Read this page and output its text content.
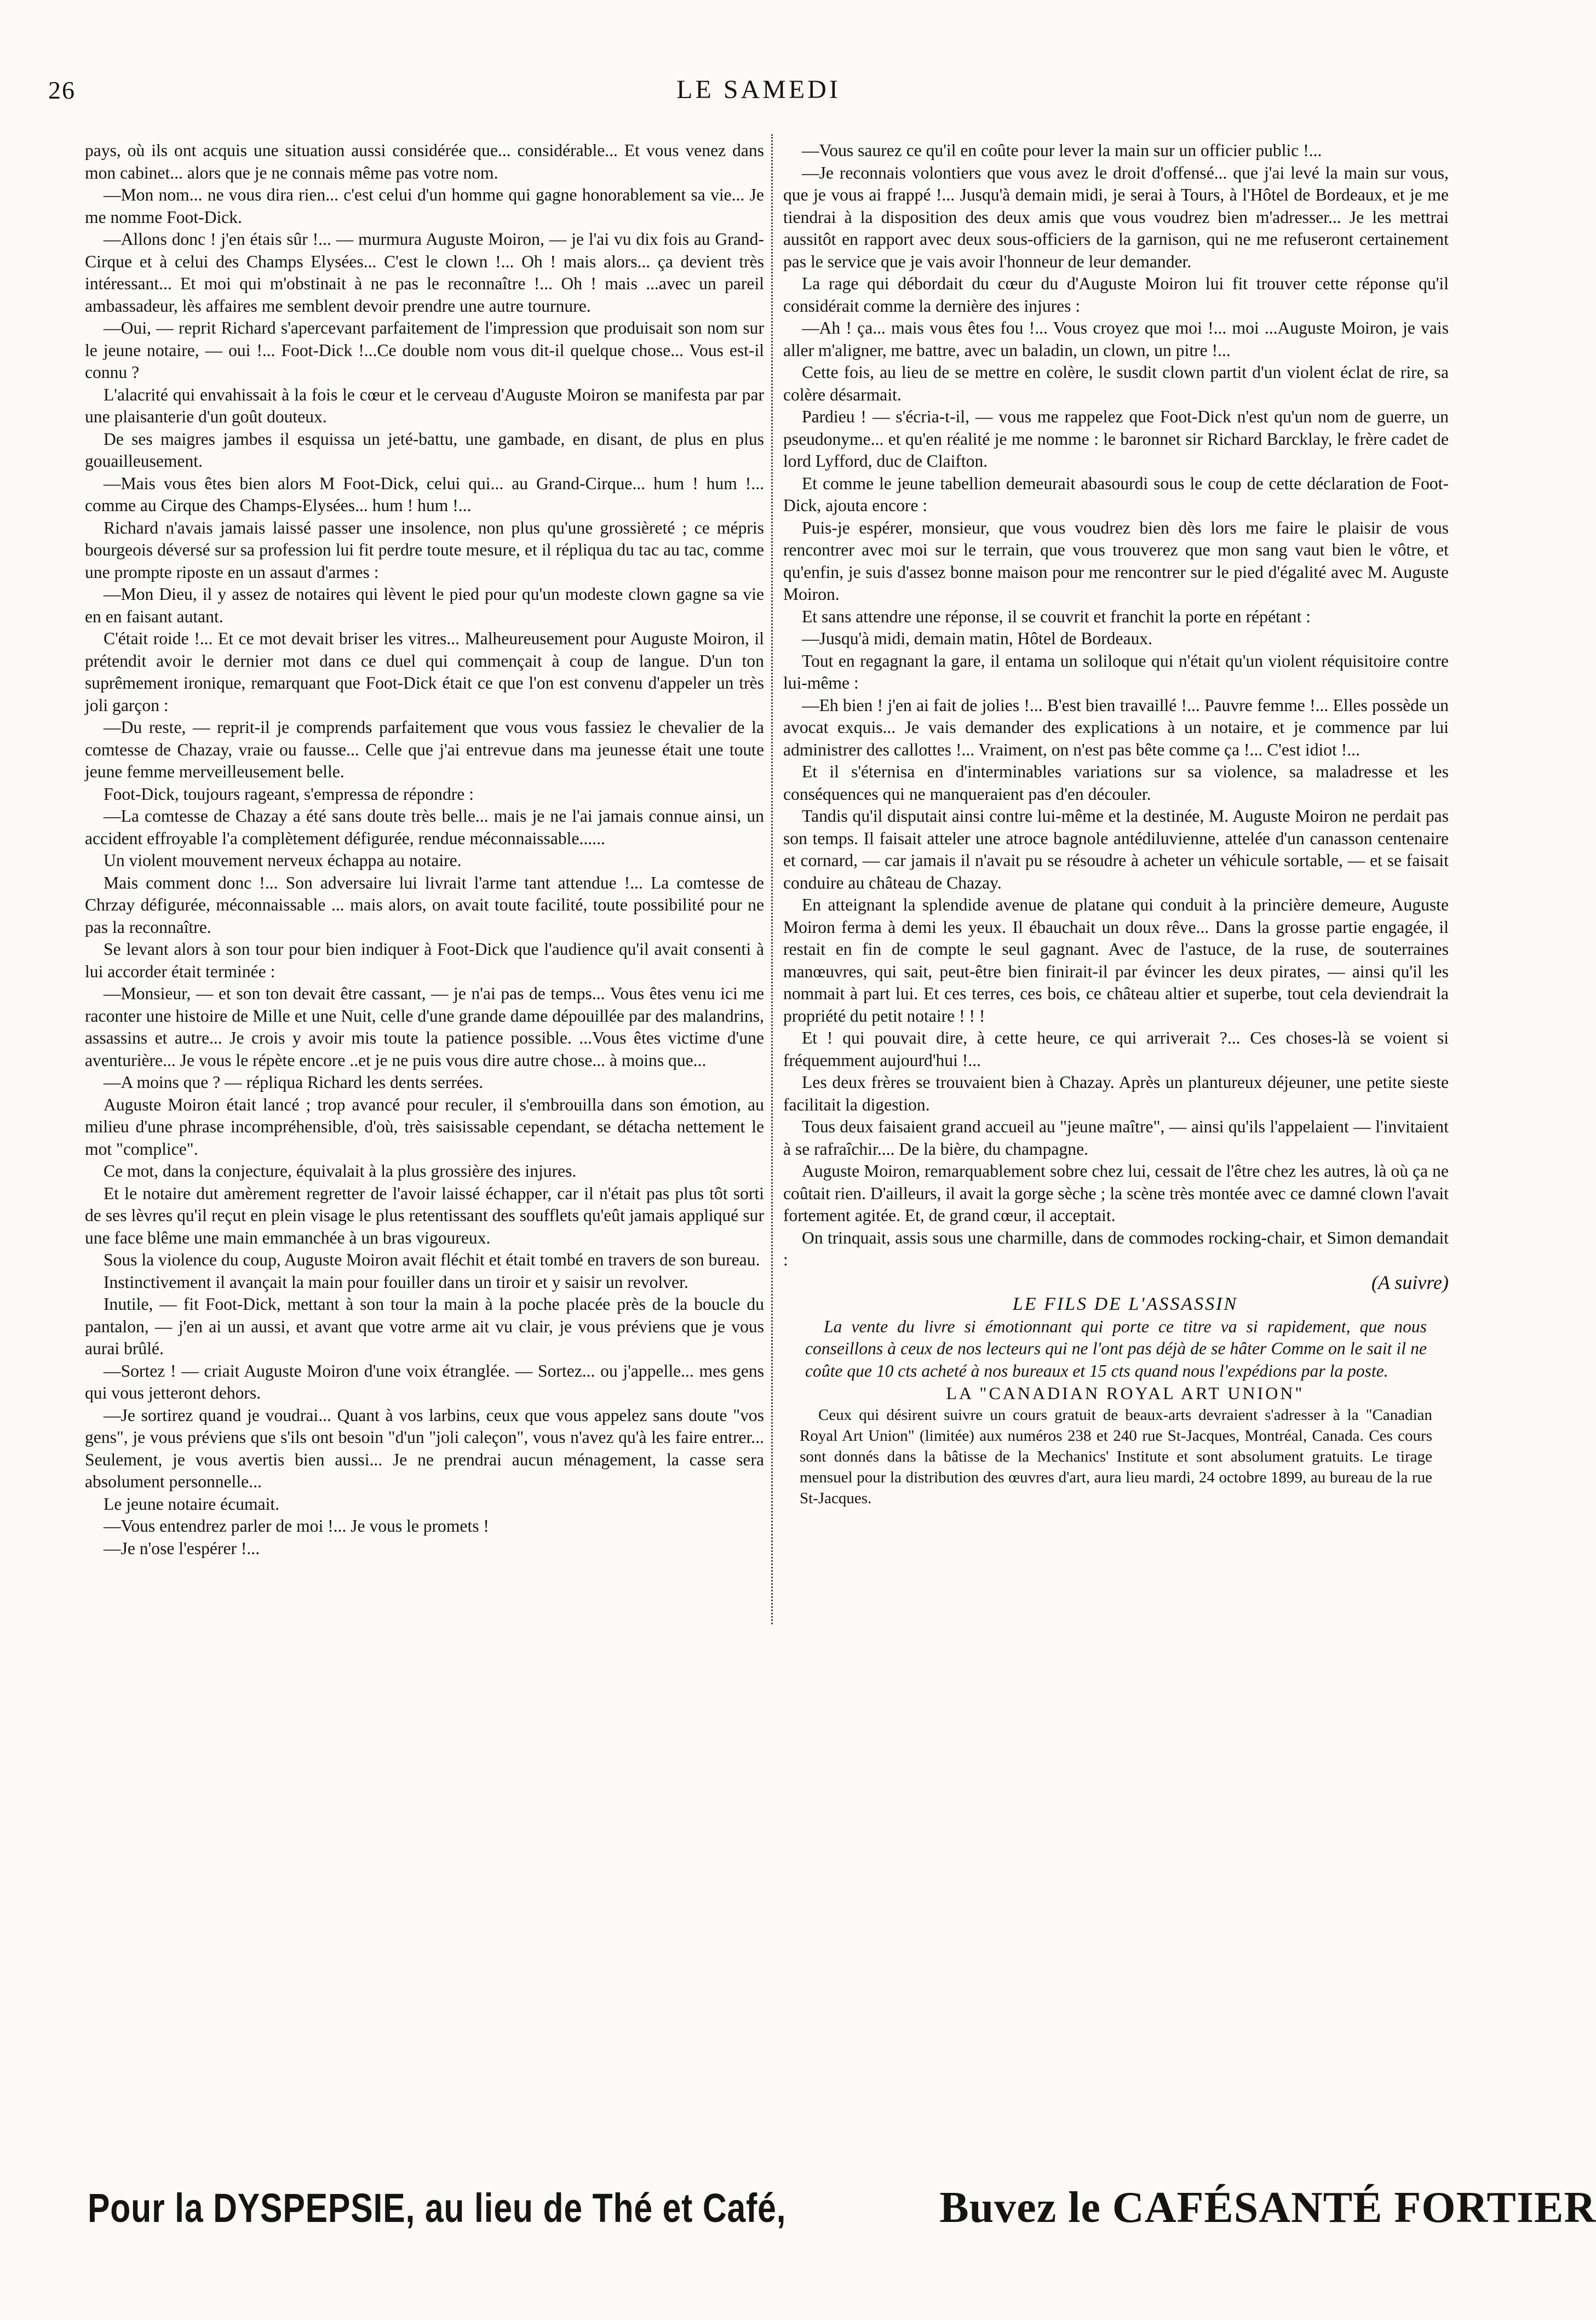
26	LE SAMEDI

pays, où ils ont acquis une situation aussi considérée que... considérable... Et vous venez dans mon cabinet... alors que je ne connais même pas votre nom.

—Mon nom... ne vous dira rien... c'est celui d'un homme qui gagne honorablement sa vie... Je me nomme Foot-Dick.

—Allons donc ! j'en étais sûr !... — murmura Auguste Moiron, — je l'ai vu dix fois au Grand-Cirque et à celui des Champs Elysées... C'est le clown !... Oh ! mais alors... ça devient très intéressant... Et moi qui m'obstinait à ne pas le reconnaître !... Oh ! mais ...avec un pareil ambassadeur, lès affaires me semblent devoir prendre une autre tournure.

—Oui, — reprit Richard s'apercevant parfaitement de l'impression que produisait son nom sur le jeune notaire, — oui !... Foot-Dick !...Ce double nom vous dit-il quelque chose... Vous est-il connu ?

L'alacrité qui envahissait à la fois le cœur et le cerveau d'Auguste Moiron se manifesta par par une plaisanterie d'un goût douteux.

De ses maigres jambes il esquissa un jeté-battu, une gambade, en disant, de plus en plus gouailleusement.

—Mais vous êtes bien alors M Foot-Dick, celui qui... au Grand-Cirque... hum ! hum !... comme au Cirque des Champs-Elysées... hum ! hum !...

Richard n'avais jamais laissé passer une insolence, non plus qu'une grossièreté ; ce mépris bourgeois déversé sur sa profession lui fit perdre toute mesure, et il répliqua du tac au tac, comme une prompte riposte en un assaut d'armes :

—Mon Dieu, il y assez de notaires qui lèvent le pied pour qu'un modeste clown gagne sa vie en en faisant autant.

C'était roide !... Et ce mot devait briser les vitres... Malheureusement pour Auguste Moiron, il prétendit avoir le dernier mot dans ce duel qui commençait à coup de langue. D'un ton suprêmement ironique, remarquant que Foot-Dick était ce que l'on est convenu d'appeler un très joli garçon :

—Du reste, — reprit-il je comprends parfaitement que vous vous fassiez le chevalier de la comtesse de Chazay, vraie ou fausse... Celle que j'ai entrevue dans ma jeunesse était une toute jeune femme merveilleusement belle.

Foot-Dick, toujours rageant, s'empressa de répondre :

—La comtesse de Chazay a été sans doute très belle... mais je ne l'ai jamais connue ainsi, un accident effroyable l'a complètement défigurée, rendue méconnaissable......

Un violent mouvement nerveux échappa au notaire.

Mais comment donc !... Son adversaire lui livrait l'arme tant attendue !... La comtesse de Chrzay défigurée, méconnaissable ... mais alors, on avait toute facilité, toute possibilité pour ne pas la reconnaître.

Se levant alors à son tour pour bien indiquer à Foot-Dick que l'audience qu'il avait consenti à lui accorder était terminée :

—Monsieur, — et son ton devait être cassant, — je n'ai pas de temps... Vous êtes venu ici me raconter une histoire de Mille et une Nuit, celle d'une grande dame dépouillée par des malandrins, assassins et autre... Je crois y avoir mis toute la patience possible. ...Vous êtes victime d'une aventurière... Je vous le répète encore ..et je ne puis vous dire autre chose... à moins que...

—A moins que ? — répliqua Richard les dents serrées.

Auguste Moiron était lancé ; trop avancé pour reculer, il s'embrouilla dans son émotion, au milieu d'une phrase incompréhensible, d'où, très saisissable cependant, se détacha nettement le mot "complice".

Ce mot, dans la conjecture, équivalait à la plus grossière des injures.

Et le notaire dut amèrement regretter de l'avoir laissé échapper, car il n'était pas plus tôt sorti de ses lèvres qu'il reçut en plein visage le plus retentissant des soufflets qu'eût jamais appliqué sur une face blême une main emmanchée à un bras vigoureux.

Sous la violence du coup, Auguste Moiron avait fléchit et était tombé en travers de son bureau.

Instinctivement il avançait la main pour fouiller dans un tiroir et y saisir un revolver.

Inutile, — fit Foot-Dick, mettant à son tour la main à la poche placée près de la boucle du pantalon, — j'en ai un aussi, et avant que votre arme ait vu clair, je vous préviens que je vous aurai brûlé.

—Sortez ! — criait Auguste Moiron d'une voix étranglée. — Sortez... ou j'appelle... mes gens qui vous jetteront dehors.

—Je sortirez quand je voudrai... Quant à vos larbins, ceux que vous appelez sans doute "vos gens", je vous préviens que s'ils ont besoin "d'un "joli caleçon", vous n'avez qu'à les faire entrer... Seulement, je vous avertis bien aussi... Je ne prendrai aucun ménagement, la casse sera absolument personnelle...

Le jeune notaire écumait.

—Vous entendrez parler de moi !... Je vous le promets !

—Je n'ose l'espérer !...

—Vous saurez ce qu'il en coûte pour lever la main sur un officier public !...

—Je reconnais volontiers que vous avez le droit d'offensé... que j'ai levé la main sur vous, que je vous ai frappé !... Jusqu'à demain midi, je serai à Tours, à l'Hôtel de Bordeaux, et je me tiendrai à la disposition des deux amis que vous voudrez bien m'adresser... Je les mettrai aussitôt en rapport avec deux sous-officiers de la garnison, qui ne me refuseront certainement pas le service que je vais avoir l'honneur de leur demander.

La rage qui débordait du cœur du d'Auguste Moiron lui fit trouver cette réponse qu'il considérait comme la dernière des injures :

—Ah ! ça... mais vous êtes fou !... Vous croyez que moi !... moi ...Auguste Moiron, je vais aller m'aligner, me battre, avec un baladin, un clown, un pitre !...

Cette fois, au lieu de se mettre en colère, le susdit clown partit d'un violent éclat de rire, sa colère désarmait.

Pardieu ! — s'écria-t-il, — vous me rappelez que Foot-Dick n'est qu'un nom de guerre, un pseudonyme... et qu'en réalité je me nomme : le baronnet sir Richard Barcklay, le frère cadet de lord Lyfford, duc de Claifton.

Et comme le jeune tabellion demeurait abasourdi sous le coup de cette déclaration de Foot-Dick, ajouta encore :

Puis-je espérer, monsieur, que vous voudrez bien dès lors me faire le plaisir de vous rencontrer avec moi sur le terrain, que vous trouverez que mon sang vaut bien le vôtre, et qu'enfin, je suis d'assez bonne maison pour me rencontrer sur le pied d'égalité avec M. Auguste Moiron.

Et sans attendre une réponse, il se couvrit et franchit la porte en répétant :

—Jusqu'à midi, demain matin, Hôtel de Bordeaux.

Tout en regagnant la gare, il entama un soliloque qui n'était qu'un violent réquisitoire contre lui-même :

—Eh bien ! j'en ai fait de jolies !... B'est bien travaillé !... Pauvre femme !... Elles possède un avocat exquis... Je vais demander des explications à un notaire, et je commence par lui administrer des callottes !... Vraiment, on n'est pas bête comme ça !... C'est idiot !...

Et il s'éternisa en d'interminables variations sur sa violence, sa maladresse et les conséquences qui ne manqueraient pas d'en découler.

Tandis qu'il disputait ainsi contre lui-même et la destinée, M. Auguste Moiron ne perdait pas son temps. Il faisait atteler une atroce bagnole antédiluvienne, attelée d'un canasson centenaire et cornard, — car jamais il n'avait pu se résoudre à acheter un véhicule sortable, — et se faisait conduire au château de Chazay.

En atteignant la splendide avenue de platane qui conduit à la princière demeure, Auguste Moiron ferma à demi les yeux. Il ébauchait un doux rêve... Dans la grosse partie engagée, il restait en fin de compte le seul gagnant. Avec de l'astuce, de la ruse, de souterraines manœuvres, qui sait, peut-être bien finirait-il par évincer les deux pirates, — ainsi qu'il les nommait à part lui. Et ces terres, ces bois, ce château altier et superbe, tout cela deviendrait la propriété du petit notaire ! ! !

Et ! qui pouvait dire, à cette heure, ce qui arriverait ?... Ces choses-là se voient si fréquemment aujourd'hui !...

Les deux frères se trouvaient bien à Chazay. Après un plantureux déjeuner, une petite sieste facilitait la digestion.

Tous deux faisaient grand accueil au "jeune maître", — ainsi qu'ils l'appelaient — l'invitaient à se rafraîchir.... De la bière, du champagne.

Auguste Moiron, remarquablement sobre chez lui, cessait de l'être chez les autres, là où ça ne coûtait rien. D'ailleurs, il avait la gorge sèche ; la scène très montée avec ce damné clown l'avait fortement agitée. Et, de grand cœur, il acceptait.

On trinquait, assis sous une charmille, dans de commodes rocking-chair, et Simon demandait :

(A suivre)

LE FILS DE L'ASSASSIN

La vente du livre si émotionnant qui porte ce titre va si rapidement, que nous conseillons à ceux de nos lecteurs qui ne l'ont pas déjà de se hâter Comme on le sait il ne coûte que 10 cts acheté à nos bureaux et 15 cts quand nous l'expédions par la poste.

LA "CANADIAN ROYAL ART UNION"

Ceux qui désirent suivre un cours gratuit de beaux-arts devraient s'adresser à la "Canadian Royal Art Union" (limitée) aux numéros 238 et 240 rue St-Jacques, Montréal, Canada. Ces cours sont donnés dans la bâtisse de la Mechanics' Institute et sont absolument gratuits. Le tirage mensuel pour la distribution des œuvres d'art, aura lieu mardi, 24 octobre 1899, au bureau de la rue St-Jacques.

Pour la DYSPEPSIE, au lieu de Thé et Café,	Buvez le CAFÉSANTÉ FORTIER
